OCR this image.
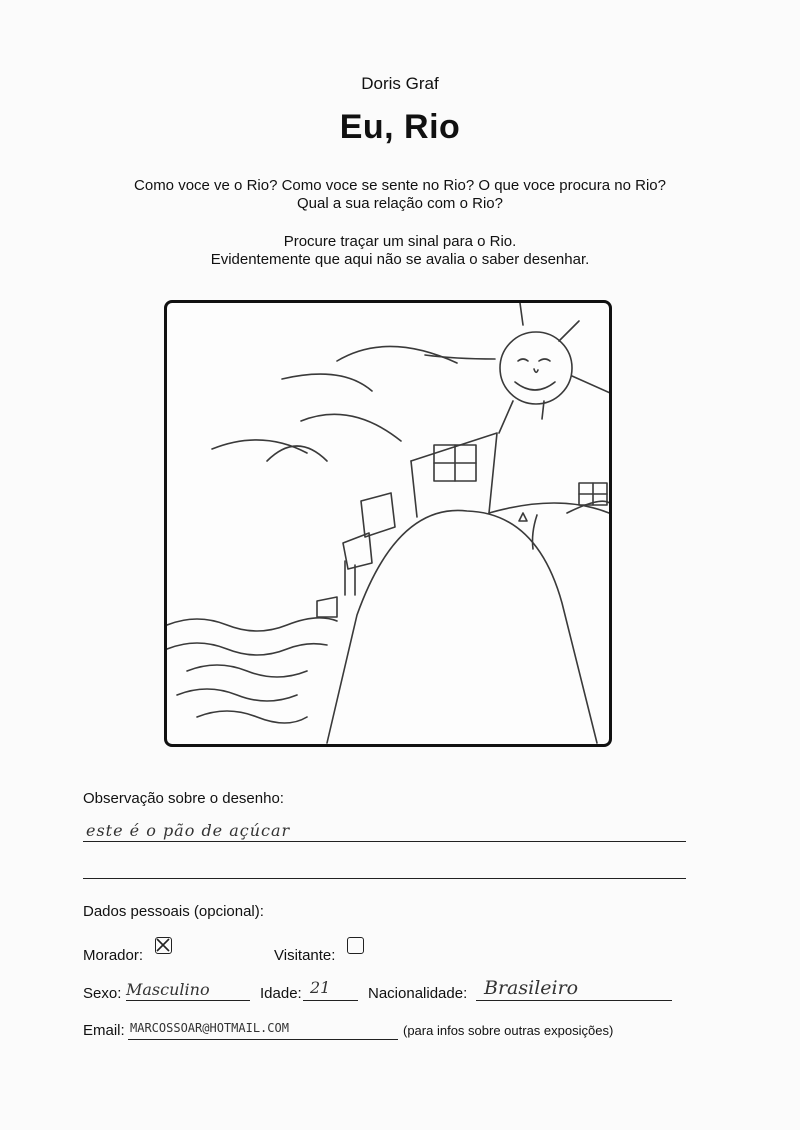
Doris Graf
Eu, Rio
Como voce ve o Rio? Como voce se sente no Rio? O que voce procura no Rio?
Qual a sua relação com o Rio?
Procure traçar um sinal para o Rio.
Evidentemente que aqui não se avalia o saber desenhar.
Observação sobre o desenho:
este é o pão de açúcar
Dados pessoais (opcional):
Morador:	Visitante:
Sexo: Masculino	Idade: 21	Nacionalidade: Brasileiro
Email: MARCOSSOAR@HOTMAIL.COM	(para infos sobre outras exposições)
